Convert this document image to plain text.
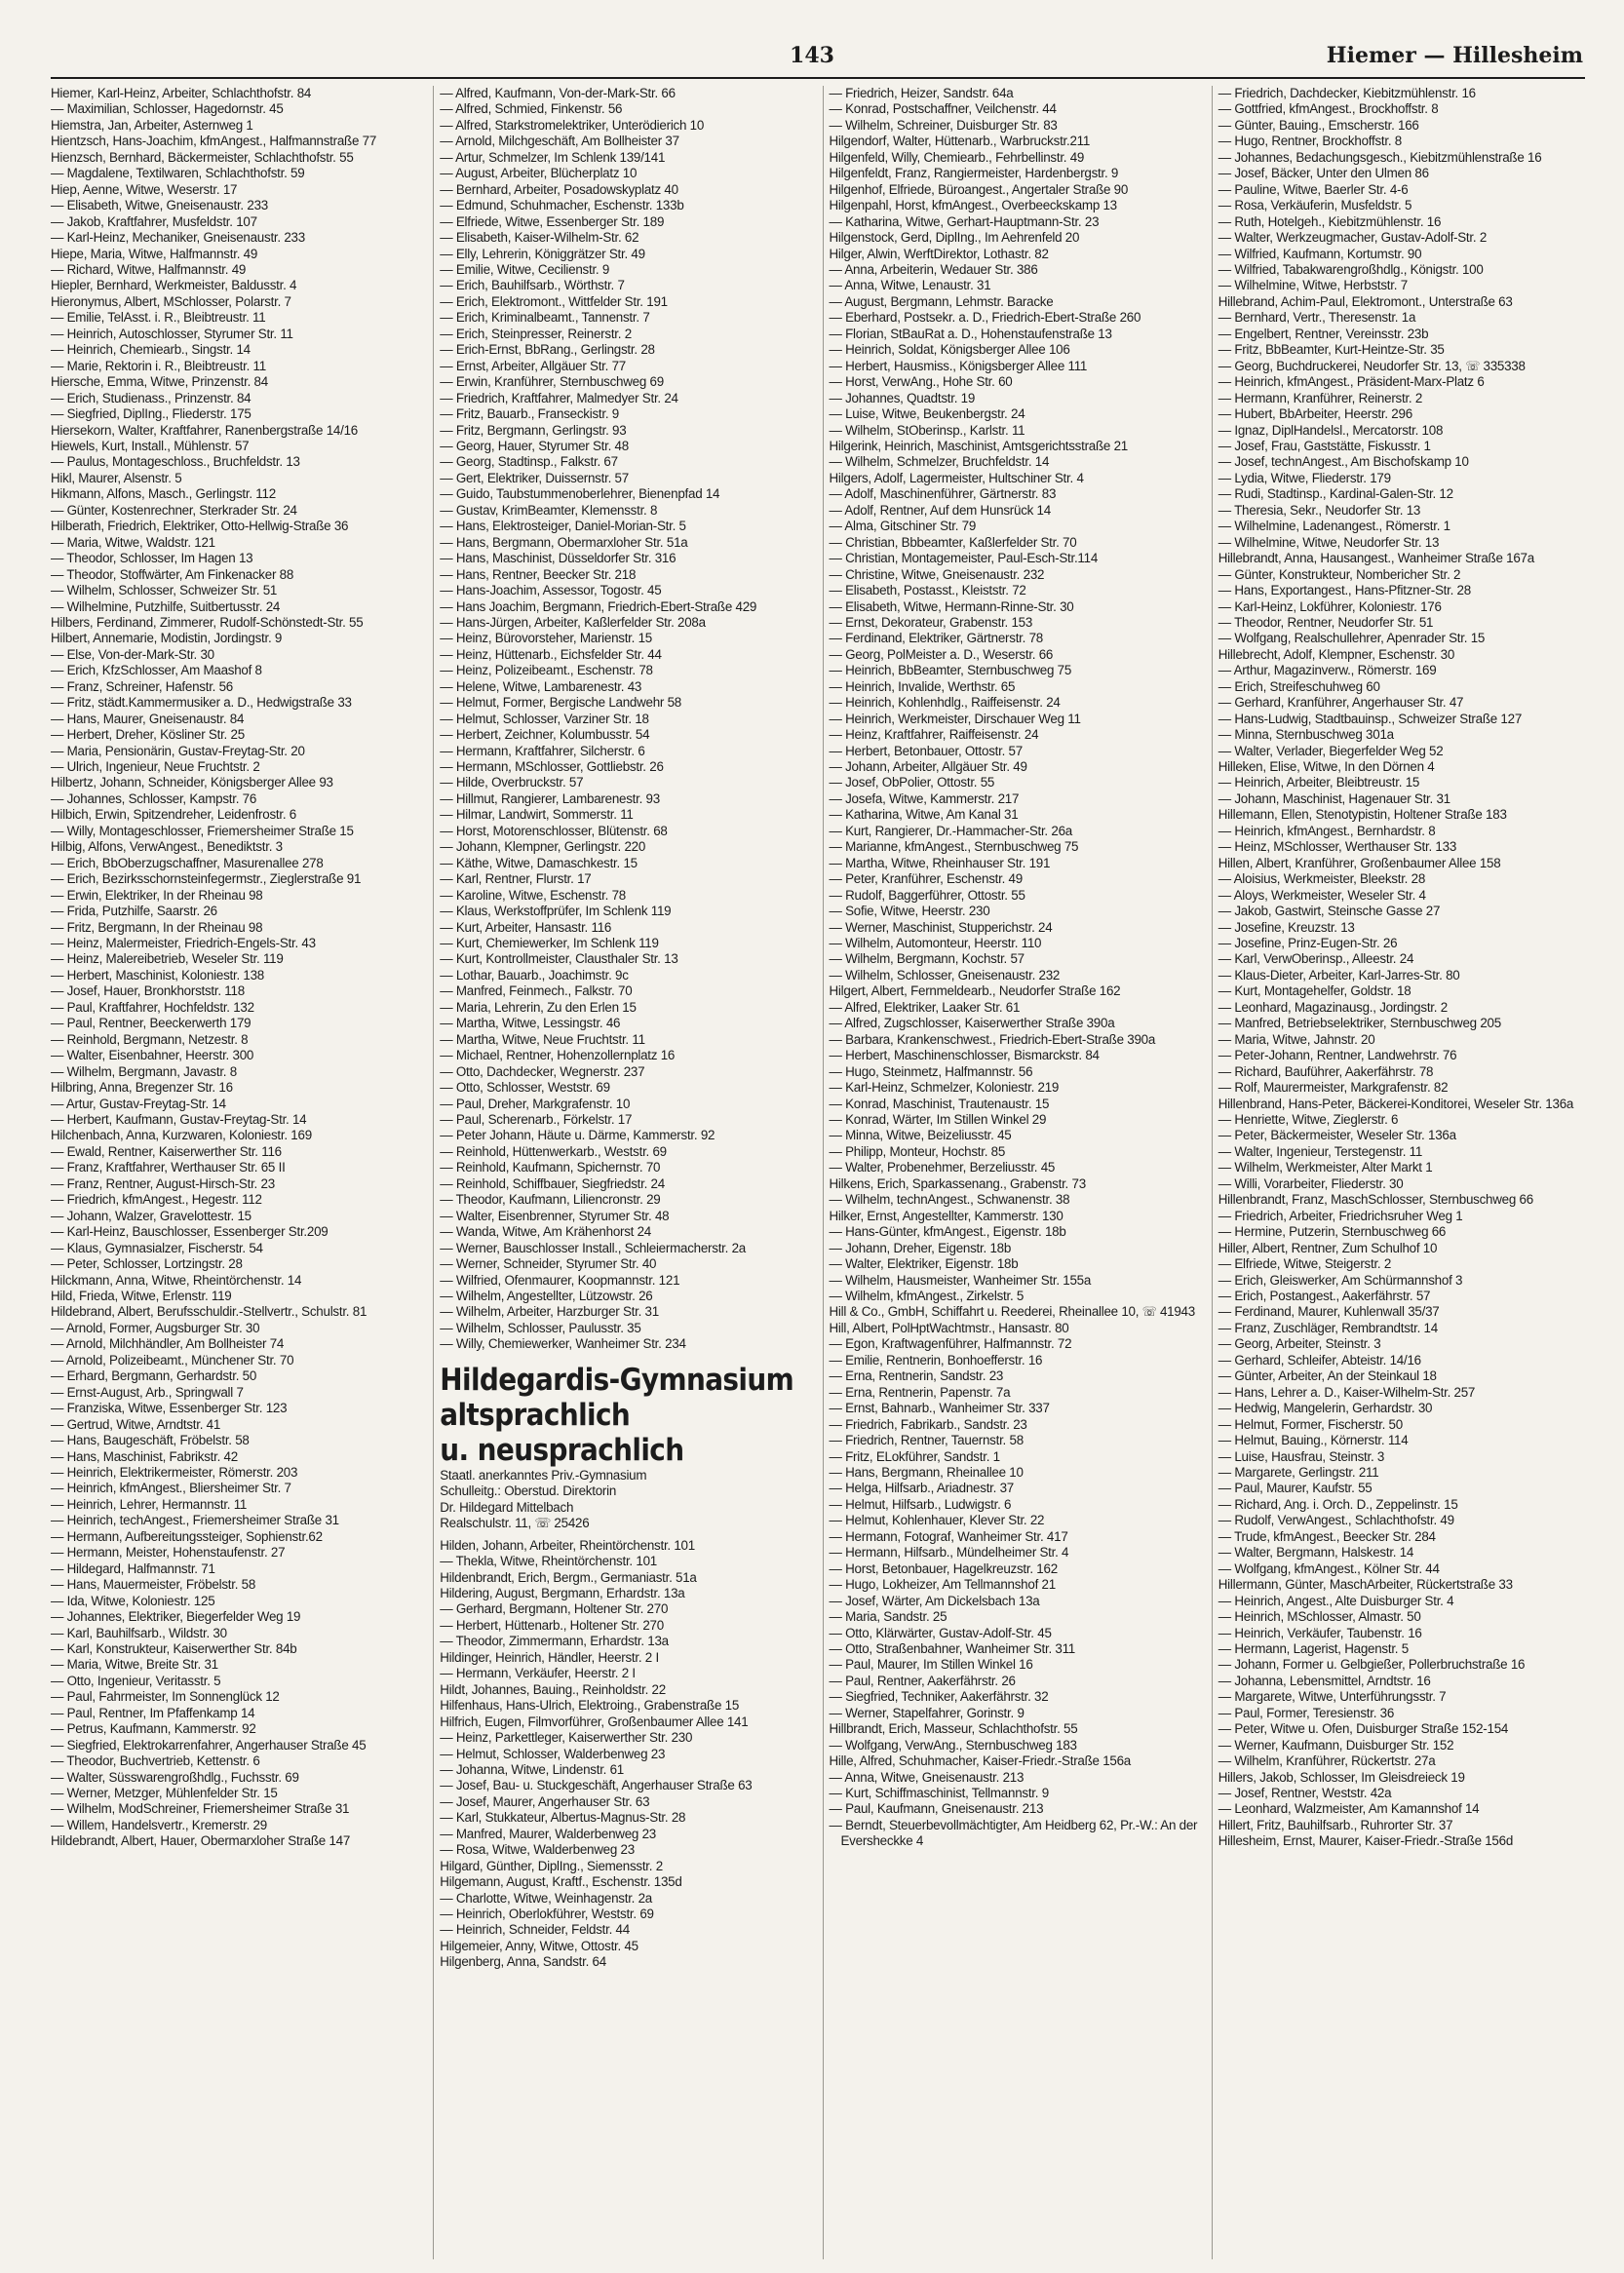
143	Hiemer — Hillesheim
Hiemer, Karl-Heinz, Arbeiter, Schlachthofstr. 84
— Maximilian, Schlosser, Hagedornstr. 45
Hiemstra, Jan, Arbeiter, Asternweg 1
Hientzsch, Hans-Joachim, kfmAngest., Halfmannstraße 77
Hienzsch, Bernhard, Bäckermeister, Schlachthofstr. 55
— Magdalene, Textilwaren, Schlachthofstr. 59
Hiep, Aenne, Witwe, Weserstr. 17
— Elisabeth, Witwe, Gneisenaustr. 233
— Jakob, Kraftfahrer, Musfeldstr. 107
— Karl-Heinz, Mechaniker, Gneisenaustr. 233
Hiepe, Maria, Witwe, Halfmannstr. 49
— Richard, Witwe, Halfmannstr. 49
Hiepler, Bernhard, Werkmeister, Baldusstr. 4
Hieronymus, Albert, MSchlosser, Polarstr. 7
— Emilie, TelAsst. i. R., Bleibtreustr. 11
— Heinrich, Autoschlosser, Styrumer Str. 11
— Heinrich, Chemiearb., Singstr. 14
— Marie, Rektorin i. R., Bleibtreustr. 11
Hiersche, Emma, Witwe, Prinzenstr. 84
— Erich, Studienass., Prinzenstr. 84
— Siegfried, DiplIng., Fliederstr. 175
Hiersekorn, Walter, Kraftfahrer, Ranenbergstraße 14/16
Hiewels, Kurt, Install., Mühlenstr. 57
— Paulus, Montageschloss., Bruchfeldstr. 13
Hikl, Maurer, Alsenstr. 5
Hikmann, Alfons, Masch., Gerlingstr. 112
— Günter, Kostenrechner, Sterkrader Str. 24
Hilberath, Friedrich, Elektriker, Otto-Hellwig-Straße 36
— Maria, Witwe, Waldstr. 121
— Theodor, Schlosser, Im Hagen 13
— Theodor, Stoffwärter, Am Finkenacker 88
— Wilhelm, Schlosser, Schweizer Str. 51
— Wilhelmine, Putzhilfe, Suitbertusstr. 24
Hilbers, Ferdinand, Zimmerer, Rudolf-Schönstedt-Str. 55
Hilbert, Annemarie, Modistin, Jordingstr. 9
— Else, Von-der-Mark-Str. 30
— Erich, KfzSchlosser, Am Maashof 8
— Franz, Schreiner, Hafenstr. 56
— Fritz, städt.Kammermusiker a. D., Hedwigstraße 33
— Hans, Maurer, Gneisenaustr. 84
— Herbert, Dreher, Kösliner Str. 25
— Maria, Pensionärin, Gustav-Freytag-Str. 20
— Ulrich, Ingenieur, Neue Fruchtstr. 2
Hilbertz, Johann, Schneider, Königsberger Allee 93
— Johannes, Schlosser, Kampstr. 76
Hilbich, Erwin, Spitzendreher, Leidenfrostr. 6
— Willy, Montageschlosser, Friemersheimer Straße 15
Hilbig, Alfons, VerwAngest., Benediktstr. 3
— Erich, BbOberzugschaffner, Masurenallee 278
— Erich, Bezirksschornsteinfegermstr., Zieglerstraße 91
— Erwin, Elektriker, In der Rheinau 98
— Frida, Putzhilfe, Saarstr. 26
— Fritz, Bergmann, In der Rheinau 98
— Heinz, Malermeister, Friedrich-Engels-Str. 43
— Heinz, Malereibetrieb, Weseler Str. 119
— Herbert, Maschinist, Koloniestr. 138
— Josef, Hauer, Bronkhorststr. 118
— Paul, Kraftfahrer, Hochfeldstr. 132
— Paul, Rentner, Beeckerwerth 179
— Reinhold, Bergmann, Netzestr. 8
— Walter, Eisenbahner, Heerstr. 300
— Wilhelm, Bergmann, Javastr. 8
Hilbring, Anna, Bregenzer Str. 16
— Artur, Gustav-Freytag-Str. 14
— Herbert, Kaufmann, Gustav-Freytag-Str. 14
Hilchenbach, Anna, Kurzwaren, Koloniestr. 169
— Ewald, Rentner, Kaiserwerther Str. 116
— Franz, Kraftfahrer, Werthauser Str. 65 II
— Franz, Rentner, August-Hirsch-Str. 23
— Friedrich, kfmAngest., Hegestr. 112
— Johann, Walzer, Gravelottestr. 15
— Karl-Heinz, Bauschlosser, Essenberger Str.209
— Klaus, Gymnasialzer, Fischerstr. 54
— Peter, Schlosser, Lortzingstr. 28
Hilckmann, Anna, Witwe, Rheintörchenstr. 14
Hild, Frieda, Witwe, Erlenstr. 119
Hildebrand, Albert, Berufsschuldir.-Stellvertr., Schulstr. 81
— Arnold, Former, Augsburger Str. 30
— Arnold, Milchhändler, Am Bollheister 74
— Arnold, Polizeibeamt., Münchener Str. 70
— Erhard, Bergmann, Gerhardstr. 50
— Ernst-August, Arb., Springwall 7
— Franziska, Witwe, Essenberger Str. 123
— Gertrud, Witwe, Arndtstr. 41
— Hans, Baugeschäft, Fröbelstr. 58
— Hans, Maschinist, Fabrikstr. 42
— Heinrich, Elektrikermeister, Römerstr. 203
— Heinrich, kfmAngest., Bliersheimer Str. 7
— Heinrich, Lehrer, Hermannstr. 11
— Heinrich, techAngest., Friemersheimer Straße 31
— Hermann, Aufbereitungssteiger, Sophienstr.62
— Hermann, Meister, Hohenstaufenstr. 27
— Hildegard, Halfmannstr. 71
— Hans, Mauermeister, Fröbelstr. 58
— Ida, Witwe, Koloniestr. 125
— Johannes, Elektriker, Biegerfelder Weg 19
— Karl, Bauhilfsarb., Wildstr. 30
— Karl, Konstrukteur, Kaiserwerther Str. 84b
— Maria, Witwe, Breite Str. 31
— Otto, Ingenieur, Veritasstr. 5
— Paul, Fahrmeister, Im Sonnenglück 12
— Paul, Rentner, Im Pfaffenkamp 14
— Petrus, Kaufmann, Kammerstr. 92
— Siegfried, Elektrokarrenfahrer, Angerhauser Straße 45
— Theodor, Buchvertrieb, Kettenstr. 6
— Walter, Süsswarengroßhdlg., Fuchsstr. 69
— Werner, Metzger, Mühlenfelder Str. 15
— Wilhelm, ModSchreiner, Friemersheimer Straße 31
— Willem, Handelsvertr., Kremerstr. 29
Hildebrandt, Albert, Hauer, Obermarxloher Straße 147
— Alfred, Kaufmann, Von-der-Mark-Str. 66
— Alfred, Schmied, Finkenstr. 56
— Alfred, Starkstromelektriker, Unterödierich 10
— Arnold, Milchgeschäft, Am Bollheister 37
— Artur, Schmelzer, Im Schlenk 139/141
— August, Arbeiter, Blücherplatz 10
— Bernhard, Arbeiter, Posadowskyplatz 40
— Edmund, Schuhmacher, Eschenstr. 133b
— Elfriede, Witwe, Essenberger Str. 189
— Elisabeth, Kaiser-Wilhelm-Str. 62
— Elly, Lehrerin, Königgrätzer Str. 49
— Emilie, Witwe, Cecilienstr. 9
— Erich, Bauhilfsarb., Wörthstr. 7
— Erich, Elektromont., Wittfelder Str. 191
— Erich, Kriminalbeamt., Tannenstr. 7
— Erich, Steinpresser, Reinerstr. 2
— Erich-Ernst, BbRang., Gerlingstr. 28
— Ernst, Arbeiter, Allgäuer Str. 77
— Erwin, Kranführer, Sternbuschweg 69
— Friedrich, Kraftfahrer, Malmedyer Str. 24
— Fritz, Bauarb., Franseckistr. 9
— Fritz, Bergmann, Gerlingstr. 93
— Georg, Hauer, Styrumer Str. 48
— Georg, Stadtinsp., Falkstr. 67
— Gert, Elektriker, Duissernstr. 57
— Guido, Taubstummenoberlehrer, Bienenpfad 14
— Gustav, KrimBeamter, Klemensstr. 8
— Hans, Elektrosteiger, Daniel-Morian-Str. 5
— Hans, Bergmann, Obermarxloher Str. 51a
— Hans, Maschinist, Düsseldorfer Str. 316
— Hans, Rentner, Beecker Str. 218
— Hans-Joachim, Assessor, Togostr. 45
— Hans Joachim, Bergmann, Friedrich-Ebert-Straße 429
— Hans-Jürgen, Arbeiter, Kaßlerfelder Str. 208a
— Heinz, Bürovorsteher, Marienstr. 15
— Heinz, Hüttenarb., Eichsfelder Str. 44
— Heinz, Polizeibeamt., Eschenstr. 78
— Helene, Witwe, Lambarenestr. 43
— Helmut, Former, Bergische Landwehr 58
— Helmut, Schlosser, Varziner Str. 18
— Herbert, Zeichner, Kolumbusstr. 54
— Hermann, Kraftfahrer, Silcherstr. 6
— Hermann, MSchlosser, Gottliebstr. 26
— Hilde, Overbruckstr. 57
— Hillmut, Rangierer, Lambarenestr. 93
— Hilmar, Landwirt, Sommerstr. 11
— Horst, Motorenschlosser, Blütenstr. 68
— Johann, Klempner, Gerlingstr. 220
— Käthe, Witwe, Damaschkestr. 15
— Karl, Rentner, Flurstr. 17
— Karoline, Witwe, Eschenstr. 78
— Klaus, Werkstoffprüfer, Im Schlenk 119
— Kurt, Arbeiter, Hansastr. 116
— Kurt, Chemiewerker, Im Schlenk 119
— Kurt, Kontrollmeister, Clausthaler Str. 13
— Lothar, Bauarb., Joachimstr. 9c
— Manfred, Feinmech., Falkstr. 70
— Maria, Lehrerin, Zu den Erlen 15
— Martha, Witwe, Lessingstr. 46
— Martha, Witwe, Neue Fruchtstr. 11
— Michael, Rentner, Hohenzollernplatz 16
— Otto, Dachdecker, Wegnerstr. 237
— Otto, Schlosser, Weststr. 69
— Paul, Dreher, Markgrafenstr. 10
— Paul, Scherenarb., Förkelstr. 17
— Peter Johann, Häute u. Därme, Kammerstr. 92
— Reinhold, Hüttenwerkarb., Weststr. 69
— Reinhold, Kaufmann, Spichernstr. 70
— Reinhold, Schiffbauer, Siegfriedstr. 24
— Theodor, Kaufmann, Liliencronstr. 29
— Walter, Eisenbrenner, Styrumer Str. 48
— Wanda, Witwe, Am Krähenhorst 24
— Werner, Bauschlosser Install., Schleiermacherstr. 2a
— Werner, Schneider, Styrumer Str. 40
— Wilfried, Ofenmaurer, Koopmannstr. 121
— Wilhelm, Angestellter, Lützowstr. 26
— Wilhelm, Arbeiter, Harzburger Str. 31
— Wilhelm, Schlosser, Paulusstr. 35
— Willy, Chemiewerker, Wanheimer Str. 234
Hildegardis-Gymnasium
altsprachlich
u. neusprachlich
Staatl. anerkanntes Priv.-Gymnasium
Schulleitg.: Oberstud. Direktorin
Dr. Hildegard Mittelbach
Realschulstr. 11, ☏ 25426
Hilden, Johann, Arbeiter, Rheintörchenstr. 101
— Thekla, Witwe, Rheintörchenstr. 101
Hildenbrandt, Erich, Bergm., Germaniastr. 51a
Hildering, August, Bergmann, Erhardstr. 13a
— Gerhard, Bergmann, Holtener Str. 270
— Herbert, Hüttenarb., Holtener Str. 270
— Theodor, Zimmermann, Erhardstr. 13a
Hildinger, Heinrich, Händler, Heerstr. 2 I
— Hermann, Verkäufer, Heerstr. 2 I
Hildt, Johannes, Bauing., Reinholdstr. 22
Hilfenhaus, Hans-Ulrich, Elektroing., Grabenstraße 15
Hilfrich, Eugen, Filmvorführer, Großenbaumer Allee 141
— Heinz, Parkettleger, Kaiserwerther Str. 230
— Helmut, Schlosser, Walderbenweg 23
— Johanna, Witwe, Lindenstr. 61
— Josef, Bau- u. Stuckgeschäft, Angerhauser Straße 63
— Josef, Maurer, Angerhauser Str. 63
— Karl, Stukkateur, Albertus-Magnus-Str. 28
— Manfred, Maurer, Walderbenweg 23
— Rosa, Witwe, Walderbenweg 23
Hilgard, Günther, DiplIng., Siemensstr. 2
Hilgemann, August, Kraftf., Eschenstr. 135d
— Charlotte, Witwe, Weinhagenstr. 2a
— Heinrich, Oberlokführer, Weststr. 69
— Heinrich, Schneider, Feldstr. 44
Hilgemeier, Anny, Witwe, Ottostr. 45
Hilgenberg, Anna, Sandstr. 64
— Friedrich, Heizer, Sandstr. 64a
— Konrad, Postschaffner, Veilchenstr. 44
— Wilhelm, Schreiner, Duisburger Str. 83
Hilgendorf, Walter, Hüttenarb., Warbruckstr.211
Hilgenfeld, Willy, Chemiearb., Fehrbellinstr. 49
Hilgenfeldt, Franz, Rangiermeister, Hardenbergstr. 9
Hilgenhof, Elfriede, Büroangest., Angertaler Straße 90
Hilgenpahl, Horst, kfmAngest., Overbeeckskamp 13
— Katharina, Witwe, Gerhart-Hauptmann-Str. 23
Hilgenstock, Gerd, DiplIng., Im Aehrenfeld 20
Hilger, Alwin, WerftDirektor, Lothastr. 82
— Anna, Arbeiterin, Wedauer Str. 386
— Anna, Witwe, Lenaustr. 31
— August, Bergmann, Lehmstr. Baracke
— Eberhard, Postsekr. a. D., Friedrich-Ebert-Straße 260
— Florian, StBauRat a. D., Hohenstaufenstraße 13
— Heinrich, Soldat, Königsberger Allee 106
— Herbert, Hausmiss., Königsberger Allee 111
— Horst, VerwAng., Hohe Str. 60
— Johannes, Quadtstr. 19
— Luise, Witwe, Beukenbergstr. 24
— Wilhelm, StOberinsp., Karlstr. 11
Hilgerink, Heinrich, Maschinist, Amtsgerichtsstraße 21
— Wilhelm, Schmelzer, Bruchfeldstr. 14
Hilgers, Adolf, Lagermeister, Hultschiner Str. 4
— Adolf, Maschinenführer, Gärtnerstr. 83
— Adolf, Rentner, Auf dem Hunsrück 14
— Alma, Gitschiner Str. 79
— Christian, Bbbeamter, Kaßlerfelder Str. 70
— Christian, Montagemeister, Paul-Esch-Str.114
— Christine, Witwe, Gneisenaustr. 232
— Elisabeth, Postasst., Kleiststr. 72
— Elisabeth, Witwe, Hermann-Rinne-Str. 30
— Ernst, Dekorateur, Grabenstr. 153
— Ferdinand, Elektriker, Gärtnerstr. 78
— Georg, PolMeister a. D., Weserstr. 66
— Heinrich, BbBeamter, Sternbuschweg 75
— Heinrich, Invalide, Werthstr. 65
— Heinrich, Kohlenhdlg., Raiffeisenstr. 24
— Heinrich, Werkmeister, Dirschauer Weg 11
— Heinz, Kraftfahrer, Raiffeisenstr. 24
— Herbert, Betonbauer, Ottostr. 57
— Johann, Arbeiter, Allgäuer Str. 49
— Josef, ObPolier, Ottostr. 55
— Josefa, Witwe, Kammerstr. 217
— Katharina, Witwe, Am Kanal 31
— Kurt, Rangierer, Dr.-Hammacher-Str. 26a
— Marianne, kfmAngest., Sternbuschweg 75
— Martha, Witwe, Rheinhauser Str. 191
— Peter, Kranführer, Eschenstr. 49
— Rudolf, Baggerführer, Ottostr. 55
— Sofie, Witwe, Heerstr. 230
— Werner, Maschinist, Stupperichstr. 24
— Wilhelm, Automonteur, Heerstr. 110
— Wilhelm, Bergmann, Kochstr. 57
— Wilhelm, Schlosser, Gneisenaustr. 232
Hilgert, Albert, Fernmeldearb., Neudorfer Straße 162
— Alfred, Elektriker, Laaker Str. 61
— Alfred, Zugschlosser, Kaiserwerther Straße 390a
— Barbara, Krankenschwest., Friedrich-Ebert-Straße 390a
— Herbert, Maschinenschlosser, Bismarckstr. 84
— Hugo, Steinmetz, Halfmannstr. 56
— Karl-Heinz, Schmelzer, Koloniestr. 219
— Konrad, Maschinist, Trautenaustr. 15
— Konrad, Wärter, Im Stillen Winkel 29
— Minna, Witwe, Beizeliusstr. 45
— Philipp, Monteur, Hochstr. 85
— Walter, Probenehmer, Berzeliusstr. 45
Hilkens, Erich, Sparkassenang., Grabenstr. 73
— Wilhelm, technAngest., Schwanenstr. 38
Hilker, Ernst, Angestellter, Kammerstr. 130
— Hans-Günter, kfmAngest., Eigenstr. 18b
— Johann, Dreher, Eigenstr. 18b
— Walter, Elektriker, Eigenstr. 18b
— Wilhelm, Hausmeister, Wanheimer Str. 155a
— Wilhelm, kfmAngest., Zirkelstr. 5
Hill & Co., GmbH, Schiffahrt u. Reederei, Rheinallee 10, ☏ 41943
Hill, Albert, PolHptWachtmstr., Hansastr. 80
— Egon, Kraftwagenführer, Halfmannstr. 72
— Emilie, Rentnerin, Bonhoefferstr. 16
— Erna, Rentnerin, Sandstr. 23
— Erna, Rentnerin, Papenstr. 7a
— Ernst, Bahnarb., Wanheimer Str. 337
— Friedrich, Fabrikarb., Sandstr. 23
— Friedrich, Rentner, Tauernstr. 58
— Fritz, ELokführer, Sandstr. 1
— Hans, Bergmann, Rheinallee 10
— Helga, Hilfsarb., Ariadnestr. 37
— Helmut, Hilfsarb., Ludwigstr. 6
— Helmut, Kohlenhauer, Klever Str. 22
— Hermann, Fotograf, Wanheimer Str. 417
— Hermann, Hilfsarb., Mündelheimer Str. 4
— Horst, Betonbauer, Hagelkreuzstr. 162
— Hugo, Lokheizer, Am Tellmannshof 21
— Josef, Wärter, Am Dickelsbach 13a
— Maria, Sandstr. 25
— Otto, Klärwärter, Gustav-Adolf-Str. 45
— Otto, Straßenbahner, Wanheimer Str. 311
— Paul, Maurer, Im Stillen Winkel 16
— Paul, Rentner, Aakerfährstr. 26
— Siegfried, Techniker, Aakerfährstr. 32
— Werner, Stapelfahrer, Gorinstr. 9
Hillbrandt, Erich, Masseur, Schlachthofstr. 55
— Wolfgang, VerwAng., Sternbuschweg 183
Hille, Alfred, Schuhmacher, Kaiser-Friedr.-Straße 156a
— Anna, Witwe, Gneisenaustr. 213
— Kurt, Schiffmaschinist, Tellmannstr. 9
— Paul, Kaufmann, Gneisenaustr. 213
— Berndt, Steuerbevollmächtigter, Am Heidberg 62, Pr.-W.: An der Eversheckke 4
— Friedrich, Dachdecker, Kiebitzmühlenstr. 16
— Gottfried, kfmAngest., Brockhoffstr. 8
— Günter, Bauing., Emscherstr. 166
— Hugo, Rentner, Brockhoffstr. 8
— Johannes, Bedachungsgesch., Kiebitzmühlenstraße 16
— Josef, Bäcker, Unter den Ulmen 86
— Pauline, Witwe, Baerler Str. 4-6
— Rosa, Verkäuferin, Musfeldstr. 5
— Ruth, Hotelgeh., Kiebitzmühlenstr. 16
— Walter, Werkzeugmacher, Gustav-Adolf-Str. 2
— Wilfried, Kaufmann, Kortumstr. 90
— Wilfried, Tabakwarengroßhdlg., Königstr. 100
— Wilhelmine, Witwe, Herbststr. 7
Hillebrand, Achim-Paul, Elektromont., Unterstraße 63
— Bernhard, Vertr., Theresenstr. 1a
— Engelbert, Rentner, Vereinsstr. 23b
— Fritz, BbBeamter, Kurt-Heintze-Str. 35
— Georg, Buchdruckerei, Neudorfer Str. 13, ☏ 335338
— Heinrich, kfmAngest., Präsident-Marx-Platz 6
— Hermann, Kranführer, Reinerstr. 2
— Hubert, BbArbeiter, Heerstr. 296
— Ignaz, DiplHandelsl., Mercatorstr. 108
— Josef, Frau, Gaststätte, Fiskusstr. 1
— Josef, technAngest., Am Bischofskamp 10
— Lydia, Witwe, Fliederstr. 179
— Rudi, Stadtinsp., Kardinal-Galen-Str. 12
— Theresia, Sekr., Neudorfer Str. 13
— Wilhelmine, Ladenangest., Römerstr. 1
— Wilhelmine, Witwe, Neudorfer Str. 13
Hillebrandt, Anna, Hausangest., Wanheimer Straße 167a
— Günter, Konstrukteur, Nombericher Str. 2
— Hans, Exportangest., Hans-Pfitzner-Str. 28
— Karl-Heinz, Lokführer, Koloniestr. 176
— Theodor, Rentner, Neudorfer Str. 51
— Wolfgang, Realschullehrer, Apenrader Str. 15
Hillebrecht, Adolf, Klempner, Eschenstr. 30
— Arthur, Magazinverw., Römerstr. 169
— Erich, Streifeschuhweg 60
— Gerhard, Kranführer, Angerhauser Str. 47
— Hans-Ludwig, Stadtbauinsp., Schweizer Straße 127
— Minna, Sternbuschweg 301a
— Walter, Verlader, Biegerfelder Weg 52
Hilleken, Elise, Witwe, In den Dörnen 4
— Heinrich, Arbeiter, Bleibtreustr. 15
— Johann, Maschinist, Hagenauer Str. 31
Hillemann, Ellen, Stenotypistin, Holtener Straße 183
— Heinrich, kfmAngest., Bernhardstr. 8
— Heinz, MSchlosser, Werthauser Str. 133
Hillen, Albert, Kranführer, Großenbaumer Allee 158
— Aloisius, Werkmeister, Bleekstr. 28
— Aloys, Werkmeister, Weseler Str. 4
— Jakob, Gastwirt, Steinsche Gasse 27
— Josefine, Kreuzstr. 13
— Josefine, Prinz-Eugen-Str. 26
— Karl, VerwOberinsp., Alleestr. 24
— Klaus-Dieter, Arbeiter, Karl-Jarres-Str. 80
— Kurt, Montagehelfer, Goldstr. 18
— Leonhard, Magazinausg., Jordingstr. 2
— Manfred, Betriebselektriker, Sternbuschweg 205
— Maria, Witwe, Jahnstr. 20
— Peter-Johann, Rentner, Landwehrstr. 76
— Richard, Bauführer, Aakerfährstr. 78
— Rolf, Maurermeister, Markgrafenstr. 82
Hillenbrand, Hans-Peter, Bäckerei-Konditorei, Weseler Str. 136a
— Henriette, Witwe, Zieglerstr. 6
— Peter, Bäckermeister, Weseler Str. 136a
— Walter, Ingenieur, Terstegenstr. 11
— Wilhelm, Werkmeister, Alter Markt 1
— Willi, Vorarbeiter, Fliederstr. 30
Hillenbrandt, Franz, MaschSchlosser, Sternbuschweg 66
— Friedrich, Arbeiter, Friedrichsruher Weg 1
— Hermine, Putzerin, Sternbuschweg 66
Hiller, Albert, Rentner, Zum Schulhof 10
— Elfriede, Witwe, Steigerstr. 2
— Erich, Gleiswerker, Am Schürmannshof 3
— Erich, Postangest., Aakerfährstr. 57
— Ferdinand, Maurer, Kuhlenwall 35/37
— Franz, Zuschläger, Rembrandtstr. 14
— Georg, Arbeiter, Steinstr. 3
— Gerhard, Schleifer, Abteistr. 14/16
— Günter, Arbeiter, An der Steinkaul 18
— Hans, Lehrer a. D., Kaiser-Wilhelm-Str. 257
— Hedwig, Mangelerin, Gerhardstr. 30
— Helmut, Former, Fischerstr. 50
— Helmut, Bauing., Körnerstr. 114
— Luise, Hausfrau, Steinstr. 3
— Margarete, Gerlingstr. 211
— Paul, Maurer, Kaufstr. 55
— Richard, Ang. i. Orch. D., Zeppelinstr. 15
— Rudolf, VerwAngest., Schlachthofstr. 49
— Trude, kfmAngest., Beecker Str. 284
— Walter, Bergmann, Halskestr. 14
— Wolfgang, kfmAngest., Kölner Str. 44
Hillermann, Günter, MaschArbeiter, Rückertstraße 33
— Heinrich, Angest., Alte Duisburger Str. 4
— Heinrich, MSchlosser, Almastr. 50
— Heinrich, Verkäufer, Taubenstr. 16
— Hermann, Lagerist, Hagenstr. 5
— Johann, Former u. Gelbgießer, Pollerbruchstraße 16
— Johanna, Lebensmittel, Arndtstr. 16
— Margarete, Witwe, Unterführungsstr. 7
— Paul, Former, Teresienstr. 36
— Peter, Witwe u. Ofen, Duisburger Straße 152-154
— Werner, Kaufmann, Duisburger Str. 152
— Wilhelm, Kranführer, Rückertstr. 27a
Hillers, Jakob, Schlosser, Im Gleisdreieck 19
— Josef, Rentner, Weststr. 42a
— Leonhard, Walzmeister, Am Kamannshof 14
Hillert, Fritz, Bauhilfsarb., Ruhrorter Str. 37
Hillesheim, Ernst, Maurer, Kaiser-Friedr.-Straße 156d
